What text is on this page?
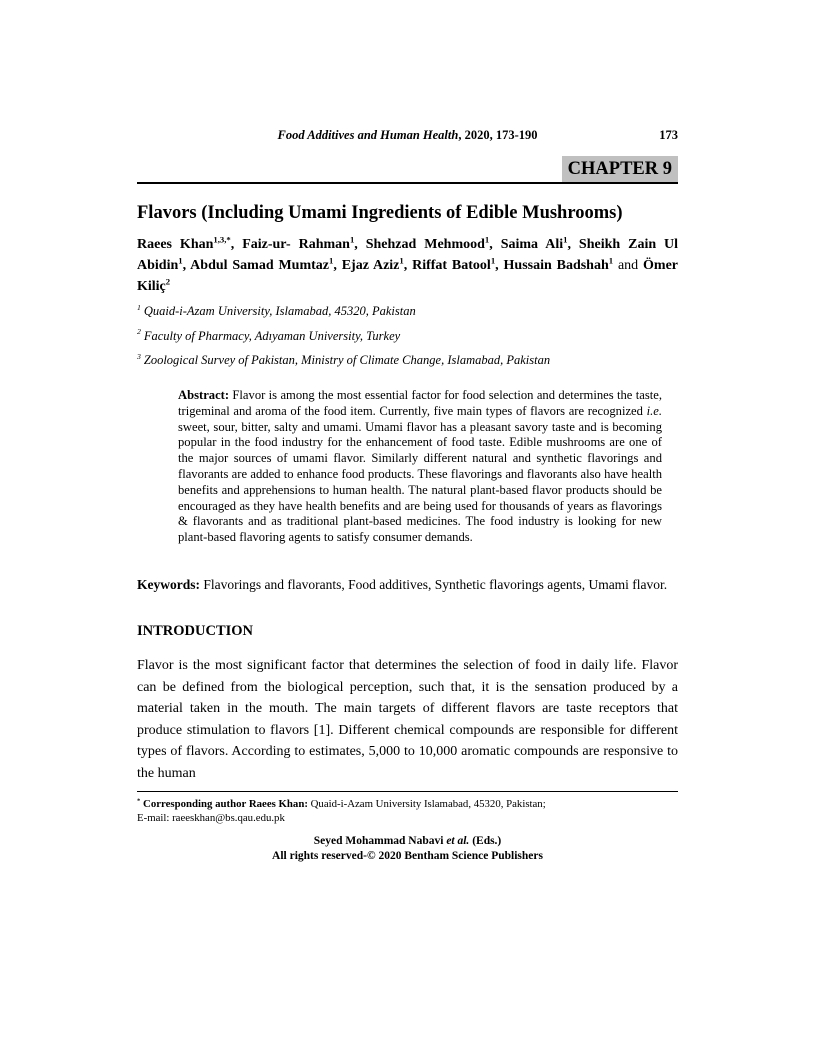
Food Additives and Human Health, 2020, 173-190	173
CHAPTER 9

Flavors (Including Umami Ingredients of Edible Mushrooms)

Raees Khan$^{1,3,*}$, Faiz-ur- Rahman$^1$, Shehzad Mehmood$^1$, Saima Ali$^1$, Sheikh Zain Ul Abidin$^1$, Abdul Samad Mumtaz$^1$, Ejaz Aziz$^1$, Riffat Batool$^1$, Hussain Badshah$^1$ and Ömer Kiliç$^2$

$^1$ Quaid-i-Azam University, Islamabad, 45320, Pakistan

$^2$ Faculty of Pharmacy, Adıyaman University, Turkey

$^3$ Zoological Survey of Pakistan, Ministry of Climate Change, Islamabad, Pakistan

Abstract: Flavor is among the most essential factor for food selection and determines the taste, trigeminal and aroma of the food item. Currently, five main types of flavors are recognized i.e. sweet, sour, bitter, salty and umami. Umami flavor has a pleasant savory taste and is becoming popular in the food industry for the enhancement of food taste. Edible mushrooms are one of the major sources of umami flavor. Similarly different natural and synthetic flavorings and flavorants are added to enhance food products. These flavorings and flavorants also have health benefits and apprehensions to human health. The natural plant-based flavor products should be encouraged as they have health benefits and are being used for thousands of years as flavorings & flavorants and as traditional plant-based medicines. The food industry is looking for new plant-based flavoring agents to satisfy consumer demands.

Keywords: Flavorings and flavorants, Food additives, Synthetic flavorings agents, Umami flavor.

INTRODUCTION

Flavor is the most significant factor that determines the selection of food in daily life. Flavor can be defined from the biological perception, such that, it is the sensation produced by a material taken in the mouth. The main targets of different flavors are taste receptors that produce stimulation to flavors [1]. Different chemical compounds are responsible for different types of flavors. According to estimates, 5,000 to 10,000 aromatic compounds are responsive to the human

* Corresponding author Raees Khan: Quaid-i-Azam University Islamabad, 45320, Pakistan;

E-mail: raeeskhan@bs.qau.edu.pk

Seyed Mohammad Nabavi et al. (Eds.)

All rights reserved-© 2020 Bentham Science Publishers
